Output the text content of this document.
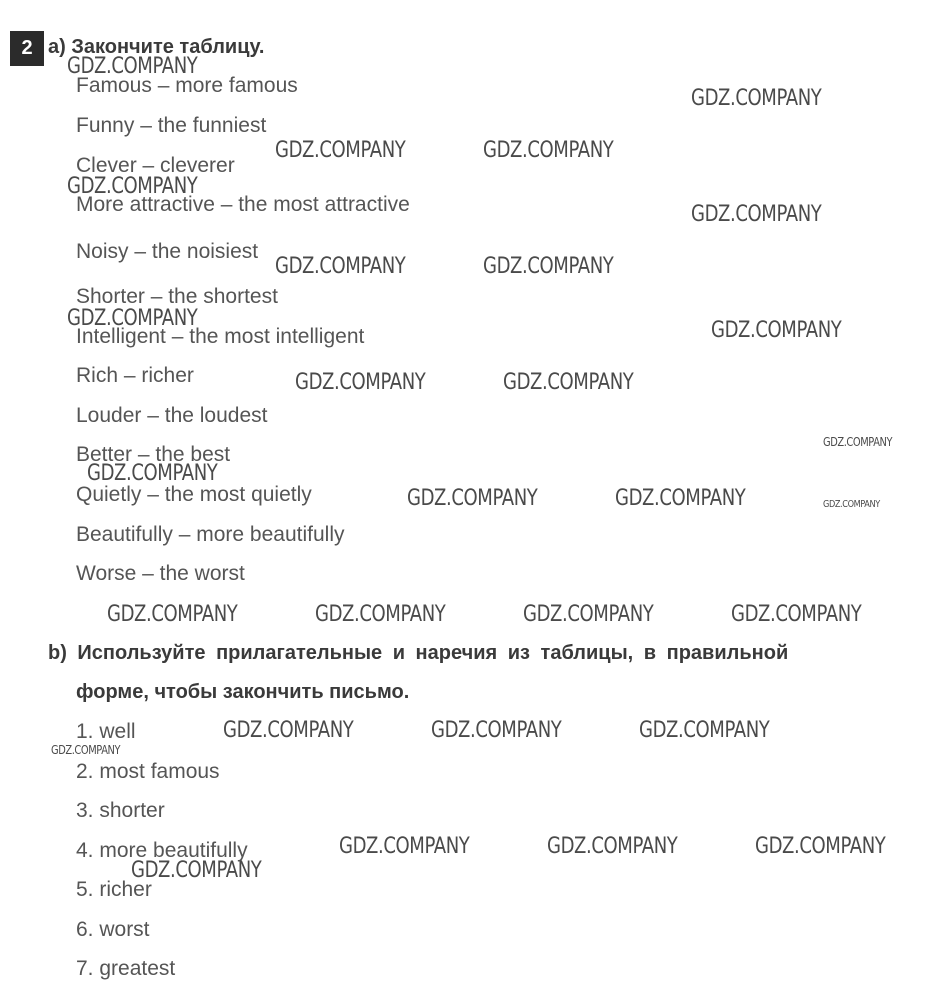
2 a) Закончите таблицу.
Famous – more famous
Funny – the funniest
Clever – cleverer
More attractive – the most attractive
Noisy – the noisiest
Shorter – the shortest
Intelligent – the most intelligent
Rich – richer
Louder – the loudest
Better – the best
Quietly – the most quietly
Beautifully – more beautifully
Worse – the worst
b) Используйте прилагательные и наречия из таблицы, в правильной
форме, чтобы закончить письмо.
1. well
2. most famous
3. shorter
4. more beautifully
5. richer
6. worst
7. greatest
GDZ.COMPANY
GDZ.COMPANY
GDZ.COMPANY	GDZ.COMPANY
GDZ.COMPANY
GDZ.COMPANY
GDZ.COMPANY	GDZ.COMPANY
GDZ.COMPANY	GDZ.COMPANY
GDZ.COMPANY	GDZ.COMPANY
GDZ.COMPANY
GDZ.COMPANY
GDZ.COMPANY	GDZ.COMPANY	GDZ.COMPANY
GDZ.COMPANY	GDZ.COMPANY	GDZ.COMPANY	GDZ.COMPANY
GDZ.COMPANY	GDZ.COMPANY	GDZ.COMPANY
GDZ.COMPANY
GDZ.COMPANY	GDZ.COMPANY	GDZ.COMPANY
GDZ.COMPANY
